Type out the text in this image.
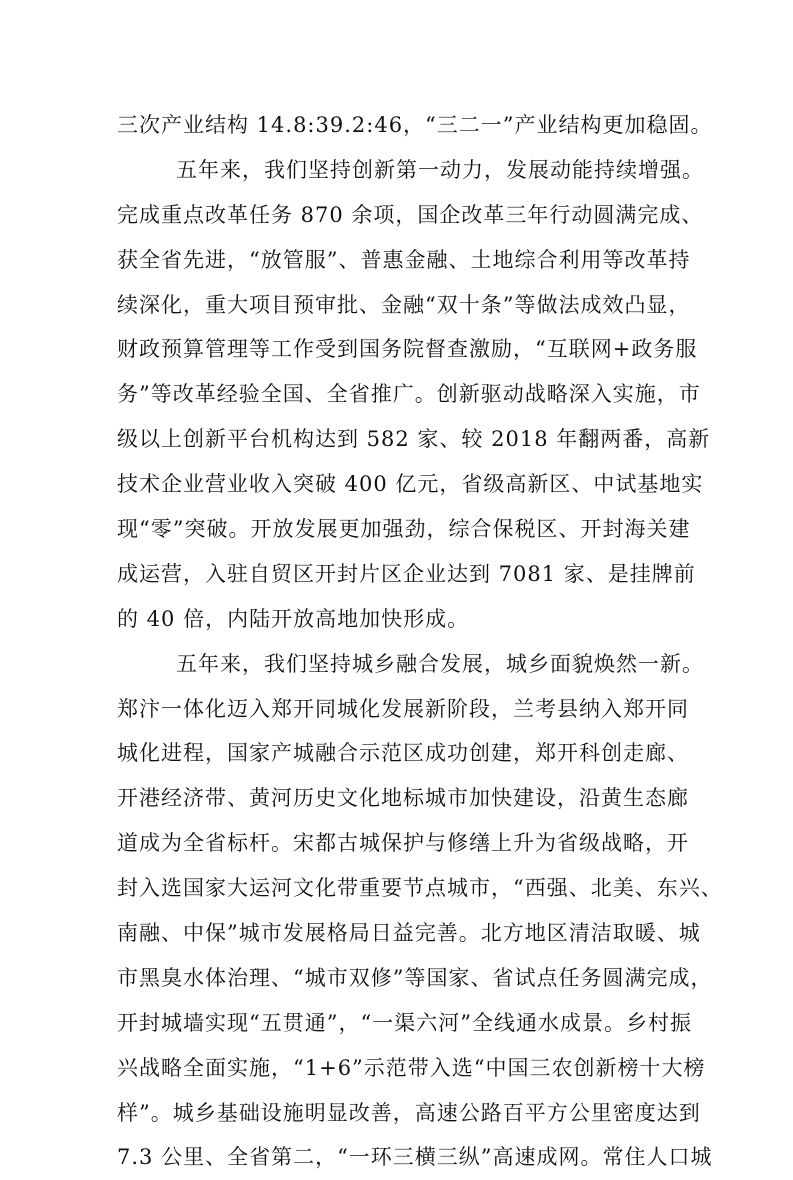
三次产业结构 14.8:39.2:46，“三二一”产业结构更加稳固。
五年来，我们坚持创新第一动力，发展动能持续增强。
完成重点改革任务 870 余项，国企改革三年行动圆满完成、
获全省先进，“放管服”、普惠金融、土地综合利用等改革持
续深化，重大项目预审批、金融“双十条”等做法成效凸显，
财政预算管理等工作受到国务院督查激励，“互联网+政务服
务”等改革经验全国、全省推广。创新驱动战略深入实施，市
级以上创新平台机构达到 582 家、较 2018 年翻两番，高新
技术企业营业收入突破 400 亿元，省级高新区、中试基地实
现“零”突破。开放发展更加强劲，综合保税区、开封海关建
成运营，入驻自贸区开封片区企业达到 7081 家、是挂牌前
的 40 倍，内陆开放高地加快形成。
五年来，我们坚持城乡融合发展，城乡面貌焕然一新。
郑汴一体化迈入郑开同城化发展新阶段，兰考县纳入郑开同
城化进程，国家产城融合示范区成功创建，郑开科创走廊、
开港经济带、黄河历史文化地标城市加快建设，沿黄生态廊
道成为全省标杆。宋都古城保护与修缮上升为省级战略，开
封入选国家大运河文化带重要节点城市，“西强、北美、东兴、
南融、中保”城市发展格局日益完善。北方地区清洁取暖、城
市黑臭水体治理、“城市双修”等国家、省试点任务圆满完成，
开封城墙实现“五贯通”，“一渠六河”全线通水成景。乡村振
兴战略全面实施，“1+6”示范带入选“中国三农创新榜十大榜
样”。城乡基础设施明显改善，高速公路百平方公里密度达到
7.3 公里、全省第二，“一环三横三纵”高速成网。常住人口城
